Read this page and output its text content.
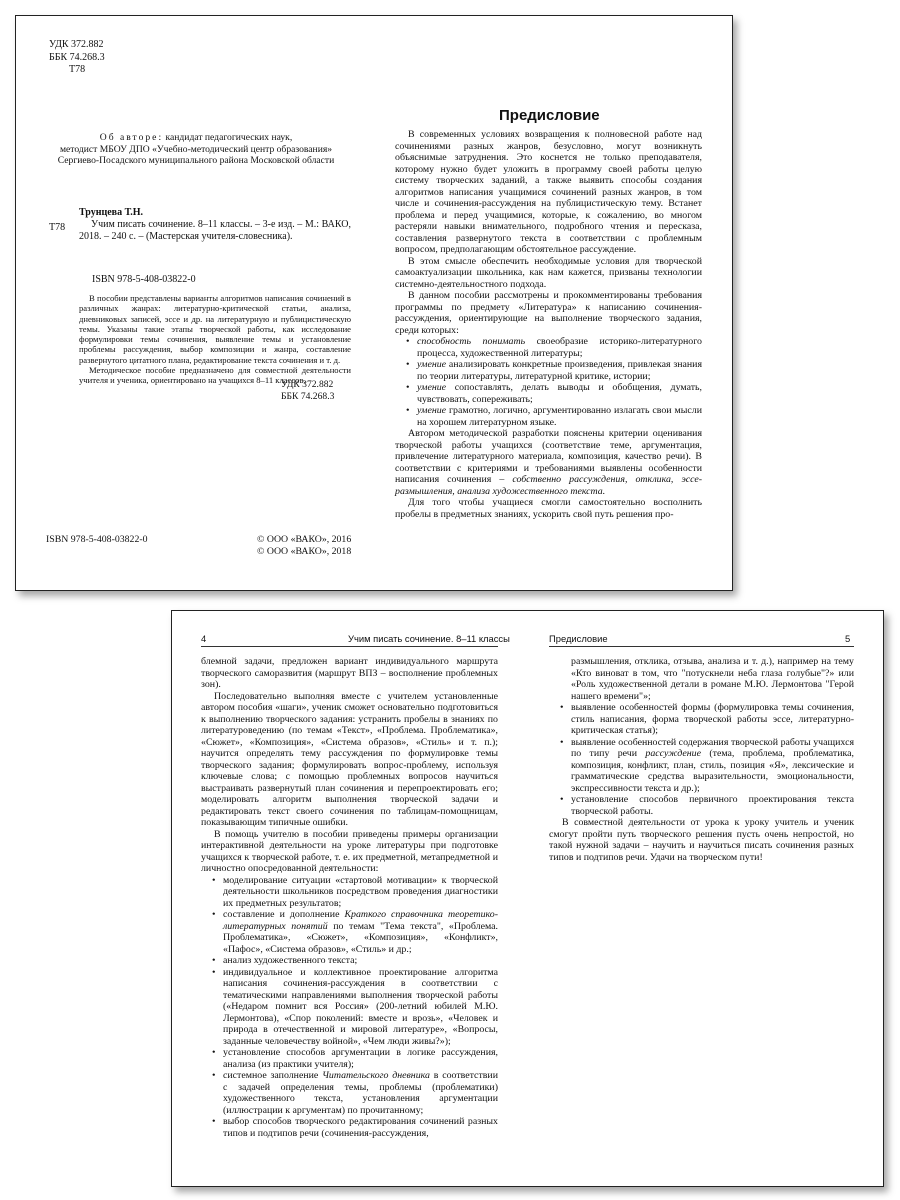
УДК 372.882
ББК 74.268.3
Т78
Об авторе: кандидат педагогических наук,
методист МБОУ ДПО «Учебно-методический центр образования»
Сергиево-Посадского муниципального района Московской области
Т78
Трунцева Т.Н.

Учим писать сочинение. 8–11 классы. – 3-е изд. – М.: ВАКО, 2018. – 240 с. – (Мастерская учителя-словесника).

ISBN 978-5-408-03822-0

В пособии представлены варианты алгоритмов написания сочинений в различных жанрах: литературно-критической статьи, анализа, дневниковых записей, эссе и др. на литературную и публицистическую темы. Указаны такие этапы творческой работы, как исследование формулировки темы сочинения, выявление темы и установление проблемы рассуждения, выбор композиции и жанра, составление развернутого цитатного плана, редактирование текста сочинения и т. д.

Методическое пособие предназначено для совместной деятельности учителя и ученика, ориентировано на учащихся 8–11 классов.

УДК 372.882
ББК 74.268.3
ISBN 978-5-408-03822-0	© ООО «ВАКО», 2016
© ООО «ВАКО», 2018
Предисловие

В современных условиях возвращения к полновесной работе над сочинениями разных жанров, безусловно, могут возникнуть объяснимые затруднения. Это коснется не только преподавателя, которому нужно будет уложить в программу своей работы целую систему творческих заданий, а также выявить способы создания алгоритмов написания учащимися сочинений разных жанров, в том числе и сочинения-рассуждения на публицистическую тему. Встанет проблема и перед учащимися, которые, к сожалению, во многом растеряли навыки внимательного, подробного чтения и пересказа, составления развернутого текста в соответствии с проблемным вопросом, предполагающим обстоятельное рассуждение.

В этом смысле обеспечить необходимые условия для творческой самоактуализации школьника, как нам кажется, призваны технологии системно-деятельностного подхода.

В данном пособии рассмотрены и прокомментированы требования программы по предмету «Литература» к написанию сочинения-рассуждения, ориентирующие на выполнение творческого задания, среди которых:

• способность понимать своеобразие историко-литературного процесса, художественной литературы;
• умение анализировать конкретные произведения, привлекая знания по теории литературы, литературной критике, истории;
• умение сопоставлять, делать выводы и обобщения, думать, чувствовать, сопереживать;
• умение грамотно, логично, аргументированно излагать свои мысли на хорошем литературном языке.

Автором методической разработки пояснены критерии оценивания творческой работы учащихся (соответствие теме, аргументация, привлечение литературного материала, композиция, качество речи). В соответствии с критериями и требованиями выявлены особенности написания сочинения – собственно рассуждения, отклика, эссе-размышления, анализа художественного текста.

Для того чтобы учащиеся смогли самостоятельно восполнить пробелы в предметных знаниях, ускорить свой путь решения про-

4	Учим писать сочинение. 8–11 классы	Предисловие	5

блемной задачи, предложен вариант индивидуального маршрута творческого саморазвития (маршрут ВПЗ – восполнение проблемных зон).

Последовательно выполняя вместе с учителем установленные автором пособия «шаги», ученик сможет основательно подготовиться к выполнению творческого задания: устранить пробелы в знаниях по литературоведению (по темам «Текст», «Проблема. Проблематика», «Сюжет», «Композиция», «Система образов», «Стиль» и т. п.); научится определять тему рассуждения по формулировке темы творческого задания; формулировать вопрос-проблему, используя ключевые слова; с помощью проблемных вопросов научиться выстраивать развернутый план сочинения и перепроектировать его; моделировать алгоритм выполнения творческой задачи и редактировать текст своего сочинения по таблицам-помощницам, показывающим типичные ошибки.

В помощь учителю в пособии приведены примеры организации интерактивной деятельности на уроке литературы при подготовке учащихся к творческой работе, т. е. их предметной, метапредметной и личностно опосредованной деятельности:

• моделирование ситуации «стартовой мотивации» к творческой деятельности школьников посредством проведения диагностики их предметных результатов;
• составление и дополнение Краткого справочника теоретико-литературных понятий по темам "Тема текста", «Проблема. Проблематика», «Сюжет», «Композиция», «Конфликт», «Пафос», «Система образов», «Стиль» и др.;
• анализ художественного текста;
• индивидуальное и коллективное проектирование алгоритма написания сочинения-рассуждения в соответствии с тематическими направлениями выполнения творческой работы («Недаром помнит вся Россия» (200-летний юбилей М.Ю. Лермонтова), «Спор поколений: вместе и врозь», «Человек и природа в отечественной и мировой литературе», «Вопросы, заданные человечеству войной», «Чем люди живы?»);
• установление способов аргументации в логике рассуждения, анализа (из практики учителя);
• системное заполнение Читательского дневника в соответствии с задачей определения темы, проблемы (проблематики) художественного текста, установления аргументации (иллюстрации к аргументам) по прочитанному;
• выбор способов творческого редактирования сочинений разных типов и подтипов речи (сочинения-рассуждения,
размышления, отклика, отзыва, анализа и т. д.), например на тему «Кто виноват в том, что "потускнели неба глаза голубые"?» или «Роль художественной детали в романе М.Ю. Лермонтова "Герой нашего времени"»;
• выявление особенностей формы (формулировка темы сочинения, стиль написания, форма творческой работы эссе, литературно-критическая статья);
• выявление особенностей содержания творческой работы учащихся по типу речи рассуждение (тема, проблема, проблематика, композиция, конфликт, план, стиль, позиция «Я», лексические и грамматические средства выразительности, эмоциональности, экспрессивности текста и др.);
• установление способов первичного проектирования текста творческой работы.

В совместной деятельности от урока к уроку учитель и ученик смогут пройти путь творческого решения пусть очень непростой, но такой нужной задачи – научить и научиться писать сочинения разных типов и подтипов речи. Удачи на творческом пути!
